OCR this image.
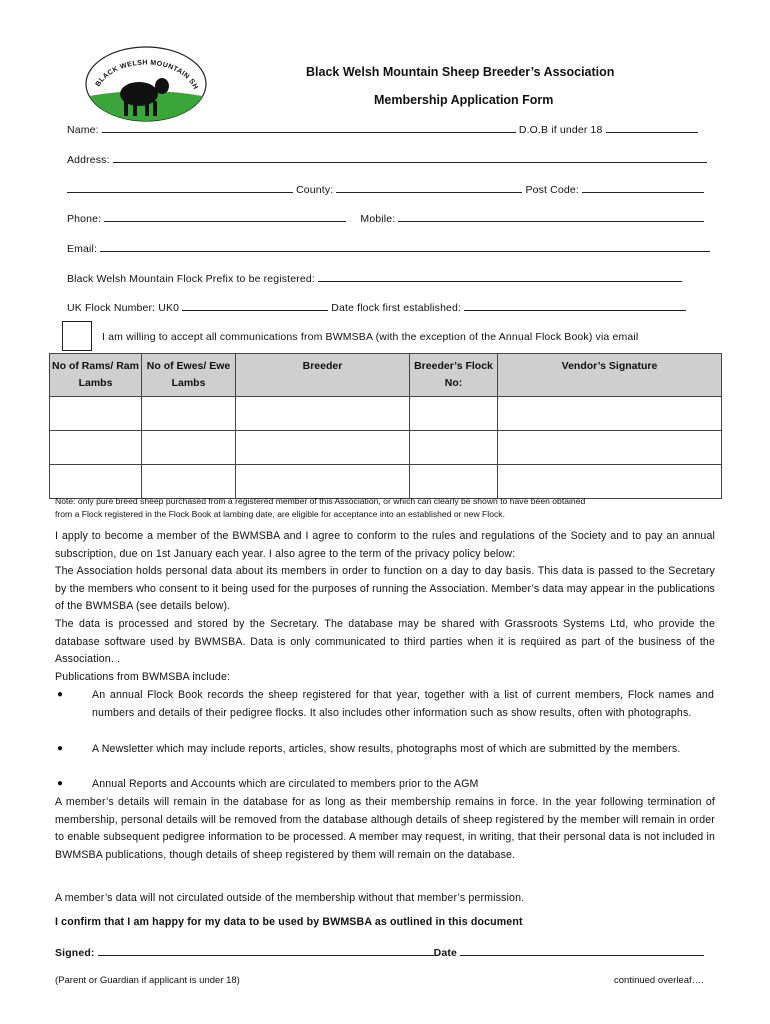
BLACK WELSH MOUNTAIN SH
Black Welsh Mountain Sheep Breeder’s Association
Membership Application Form
Name:	D.O.B if under 18
Address:
County:	Post Code:
Phone:	Mobile:
Email:
Black Welsh Mountain Flock Prefix to be registered:
UK Flock Number: UK0	Date flock first established:
I am willing to accept all communications from BWMSBA (with the exception of the Annual Flock Book) via email
No of Rams/ Ram Lambs	No of Ewes/ Ewe Lambs	Breeder	Breeder’s Flock No:	Vendor’s Signature

Note: only pure breed sheep purchased from a registered member of this Association, or which can clearly be shown to have been obtained
from a Flock registered in the Flock Book at lambing date, are eligible for acceptance into an established or new Flock.
I apply to become a member of the BWMSBA and I agree to conform to the rules and regulations of the Society and to pay an annual subscription, due on 1st January each year. I also agree to the term of the privacy policy below:
The Association holds personal data about its members in order to function on a day to day basis. This data is passed to the Secretary by the members who consent to it being used for the purposes of running the Association. Member’s data may appear in the publications of the BWMSBA (see details below).
The data is processed and stored by the Secretary. The database may be shared with Grassroots Systems Ltd, who provide the database software used by BWMSBA. Data is only communicated to third parties when it is required as part of the business of the Association. .
Publications from BWMSBA include:
●	An annual Flock Book records the sheep registered for that year, together with a list of current members, Flock names and numbers and details of their pedigree flocks. It also includes other information such as show results, often with photographs.
●	A Newsletter which may include reports, articles, show results, photographs most of which are submitted by the members.
●	Annual Reports and Accounts which are circulated to members prior to the AGM
A member’s details will remain in the database for as long as their membership remains in force. In the year following termination of membership, personal details will be removed from the database although details of sheep registered by the member will remain in order to enable subsequent pedigree information to be processed. A member may request, in writing, that their personal data is not included in BWMSBA publications, though details of sheep registered by them will remain on the database.
A member’s data will not circulated outside of the membership without that member’s permission.
I confirm that I am happy for my data to be used by BWMSBA as outlined in this document
Signed:	Date
(Parent or Guardian if applicant is under 18)	continued overleaf….
